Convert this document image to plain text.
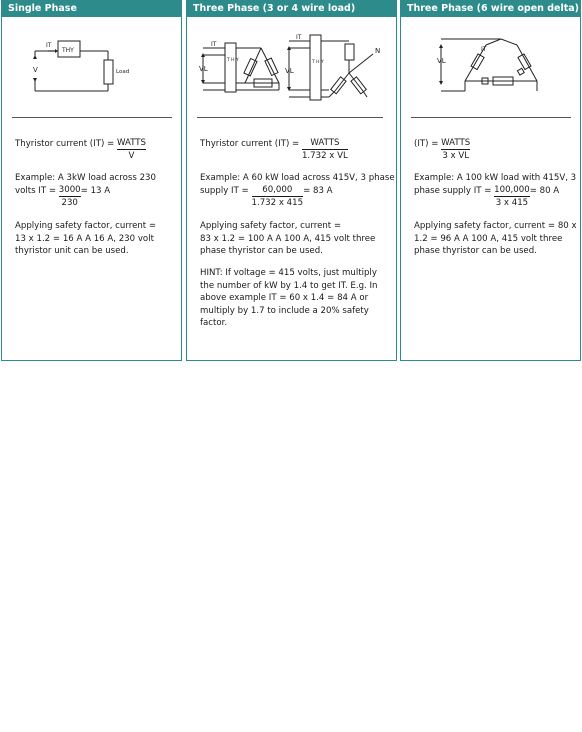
Single Phase
IT
THY
V	Load
Thyristor current $(IT) = \frac{\text{WATTS}}{V}$

Example: A 3kW load across 230

volts IT = $\frac{3000}{230} = 13$ A

Applying safety factor, current =

13 x 1.2 = 16 A A 16 A, 230 volt

thyristor unit can be used.

Three Phase (3 or 4 wire load)
IT
IT
VL	VL
T H Y	T H Y
N
Thyristor current $(IT) = \frac{\text{WATTS}}{\text{1.732 x VL}}$

Example: A 60 kW load across 415V, 3 phase

supply IT = $\frac{60,000}{1.732 x 415} = 83$ A

Applying safety factor, current =

83 x 1.2 = 100 A A 100 A, 415 volt three

phase thyristor can be used.

HINT: If voltage = 415 volts, just multiply

the number of kW by 1.4 to get IT. E.g. In

above example IT = 60 x 1.4 = 84 A or

multiply by 1.7 to include a 20% safety

factor.

Three Phase (6 wire open delta)
VL
IT
$(IT) = \frac{\text{WATTS}}{\text{3 x VL}}$

Example: A 100 kW load with 415V, 3

phase supply IT = $\frac{100,000}{3 x 415} = 80$ A

Applying safety factor, current = 80 x

1.2 = 96 A A 100 A, 415 volt three

phase thyristor can be used.
